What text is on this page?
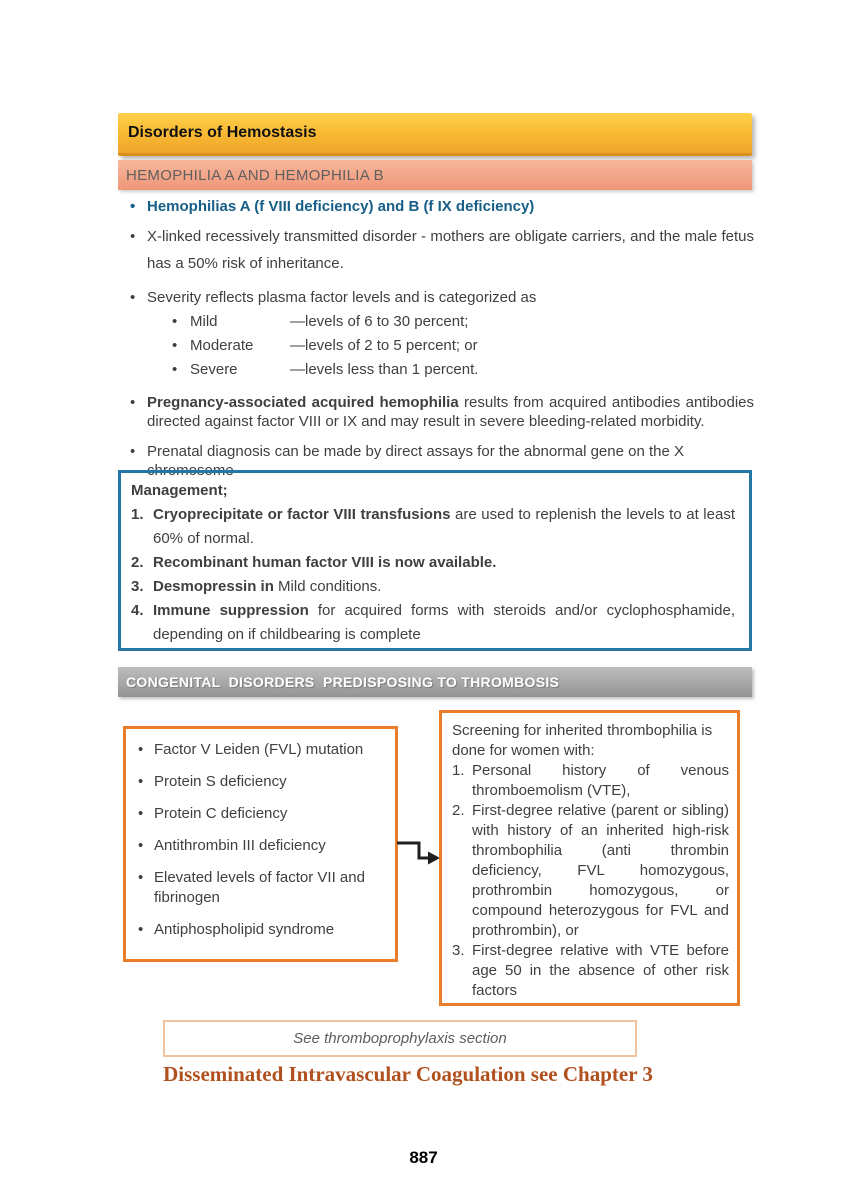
Disorders of Hemostasis
HEMOPHILIA A AND HEMOPHILIA B
• Hemophilias A (f VIII deficiency) and B (f IX deficiency)
• X-linked recessively transmitted disorder - mothers are obligate carriers, and the male fetus has a 50% risk of inheritance.
• Severity reflects plasma factor levels and is categorized as
• Mild	—levels of 6 to 30 percent;
• Moderate	—levels of 2 to 5 percent; or
• Severe	—levels less than 1 percent.
• Pregnancy-associated acquired hemophilia results from acquired antibodies antibodies directed against factor VIII or IX and may result in severe bleeding-related morbidity.
• Prenatal diagnosis can be made by direct assays for the abnormal gene on the X chromosome
Management;
1. Cryoprecipitate or factor VIII transfusions are used to replenish the levels to at least 60% of normal.
2. Recombinant human factor VIII is now available.
3. Desmopressin in Mild conditions.
4. Immune suppression for acquired forms with steroids and/or cyclophosphamide, depending on if childbearing is complete
CONGENITAL  DISORDERS  PREDISPOSING TO THROMBOSIS
• Factor V Leiden (FVL) mutation
• Protein S deficiency
• Protein C deficiency
• Antithrombin III deficiency
• Elevated levels of factor VII and fibrinogen
• Antiphospholipid syndrome
Screening for inherited thrombophilia is done for women with:
1. Personal history of venous thromboemolism (VTE),
2. First-degree relative (parent or sibling) with history of an inherited high-risk thrombophilia (anti thrombin deficiency, FVL homozygous, prothrombin homozygous, or compound heterozygous for FVL and prothrombin), or
3. First-degree relative with VTE before age 50 in the absence of other risk factors
See thromboprophylaxis section
Disseminated Intravascular Coagulation see Chapter 3
887
